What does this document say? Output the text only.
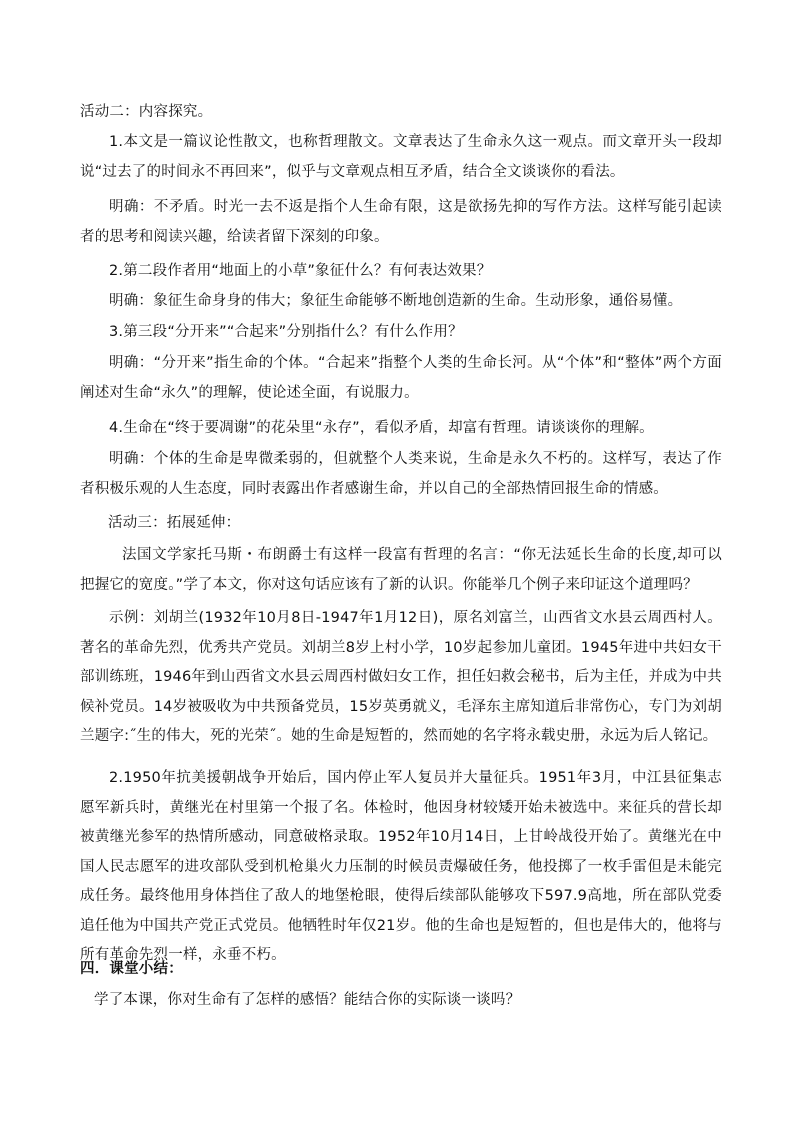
活动二：内容探究。

1.本文是一篇议论性散文，也称哲理散文。文章表达了生命永久这一观点。而文章开头一段却说“过去了的时间永不再回来”，似乎与文章观点相互矛盾，结合全文谈谈你的看法。

明确：不矛盾。时光一去不返是指个人生命有限，这是欲扬先抑的写作方法。这样写能引起读者的思考和阅读兴趣，给读者留下深刻的印象。

2.第二段作者用“地面上的小草”象征什么？有何表达效果？

明确：象征生命身身的伟大；象征生命能够不断地创造新的生命。生动形象，通俗易懂。

3.第三段“分开来”“合起来”分别指什么？有什么作用？

明确：“分开来”指生命的个体。“合起来”指整个人类的生命长河。从“个体”和“整体”两个方面阐述对生命“永久”的理解，使论述全面，有说服力。

4.生命在“终于要凋谢”的花朵里“永存”，看似矛盾，却富有哲理。请谈谈你的理解。

明确：个体的生命是卑微柔弱的，但就整个人类来说，生命是永久不朽的。这样写，表达了作者积极乐观的人生态度，同时表露出作者感谢生命，并以自己的全部热情回报生命的情感。

活动三：拓展延伸：

法国文学家托马斯・布朗爵士有这样一段富有哲理的名言：“你无法延长生命的长度,却可以把握它的宽度。”学了本文，你对这句话应该有了新的认识。你能举几个例子来印证这个道理吗？

示例：刘胡兰(1932年10月8日-1947年1月12日)，原名刘富兰，山西省文水县云周西村人。著名的革命先烈，优秀共产党员。刘胡兰8岁上村小学，10岁起参加儿童团。1945年进中共妇女干部训练班，1946年到山西省文水县云周西村做妇女工作，担任妇救会秘书，后为主任，并成为中共候补党员。14岁被吸收为中共预备党员，15岁英勇就义，毛泽东主席知道后非常伤心，专门为刘胡兰题字:˝生的伟大，死的光荣˝。她的生命是短暂的，然而她的名字将永载史册，永远为后人铭记。

2.1950年抗美援朝战争开始后，国内停止军人复员并大量征兵。1951年3月，中江县征集志愿军新兵时，黄继光在村里第一个报了名。体检时，他因身材较矮开始未被选中。来征兵的营长却被黄继光参军的热情所感动，同意破格录取。1952年10月14日，上甘岭战役开始了。黄继光在中国人民志愿军的进攻部队受到机枪巢火力压制的时候员责爆破任务，他投掷了一枚手雷但是未能完成任务。最终他用身体挡住了敌人的地堡枪眼，使得后续部队能够攻下597.9高地，所在部队党委追任他为中国共产党正式党员。他牺牲时年仅21岁。他的生命也是短暂的，但也是伟大的，他将与所有革命先烈一样，永垂不朽。

四．课堂小结：

学了本课，你对生命有了怎样的感悟？能结合你的实际谈一谈吗？
